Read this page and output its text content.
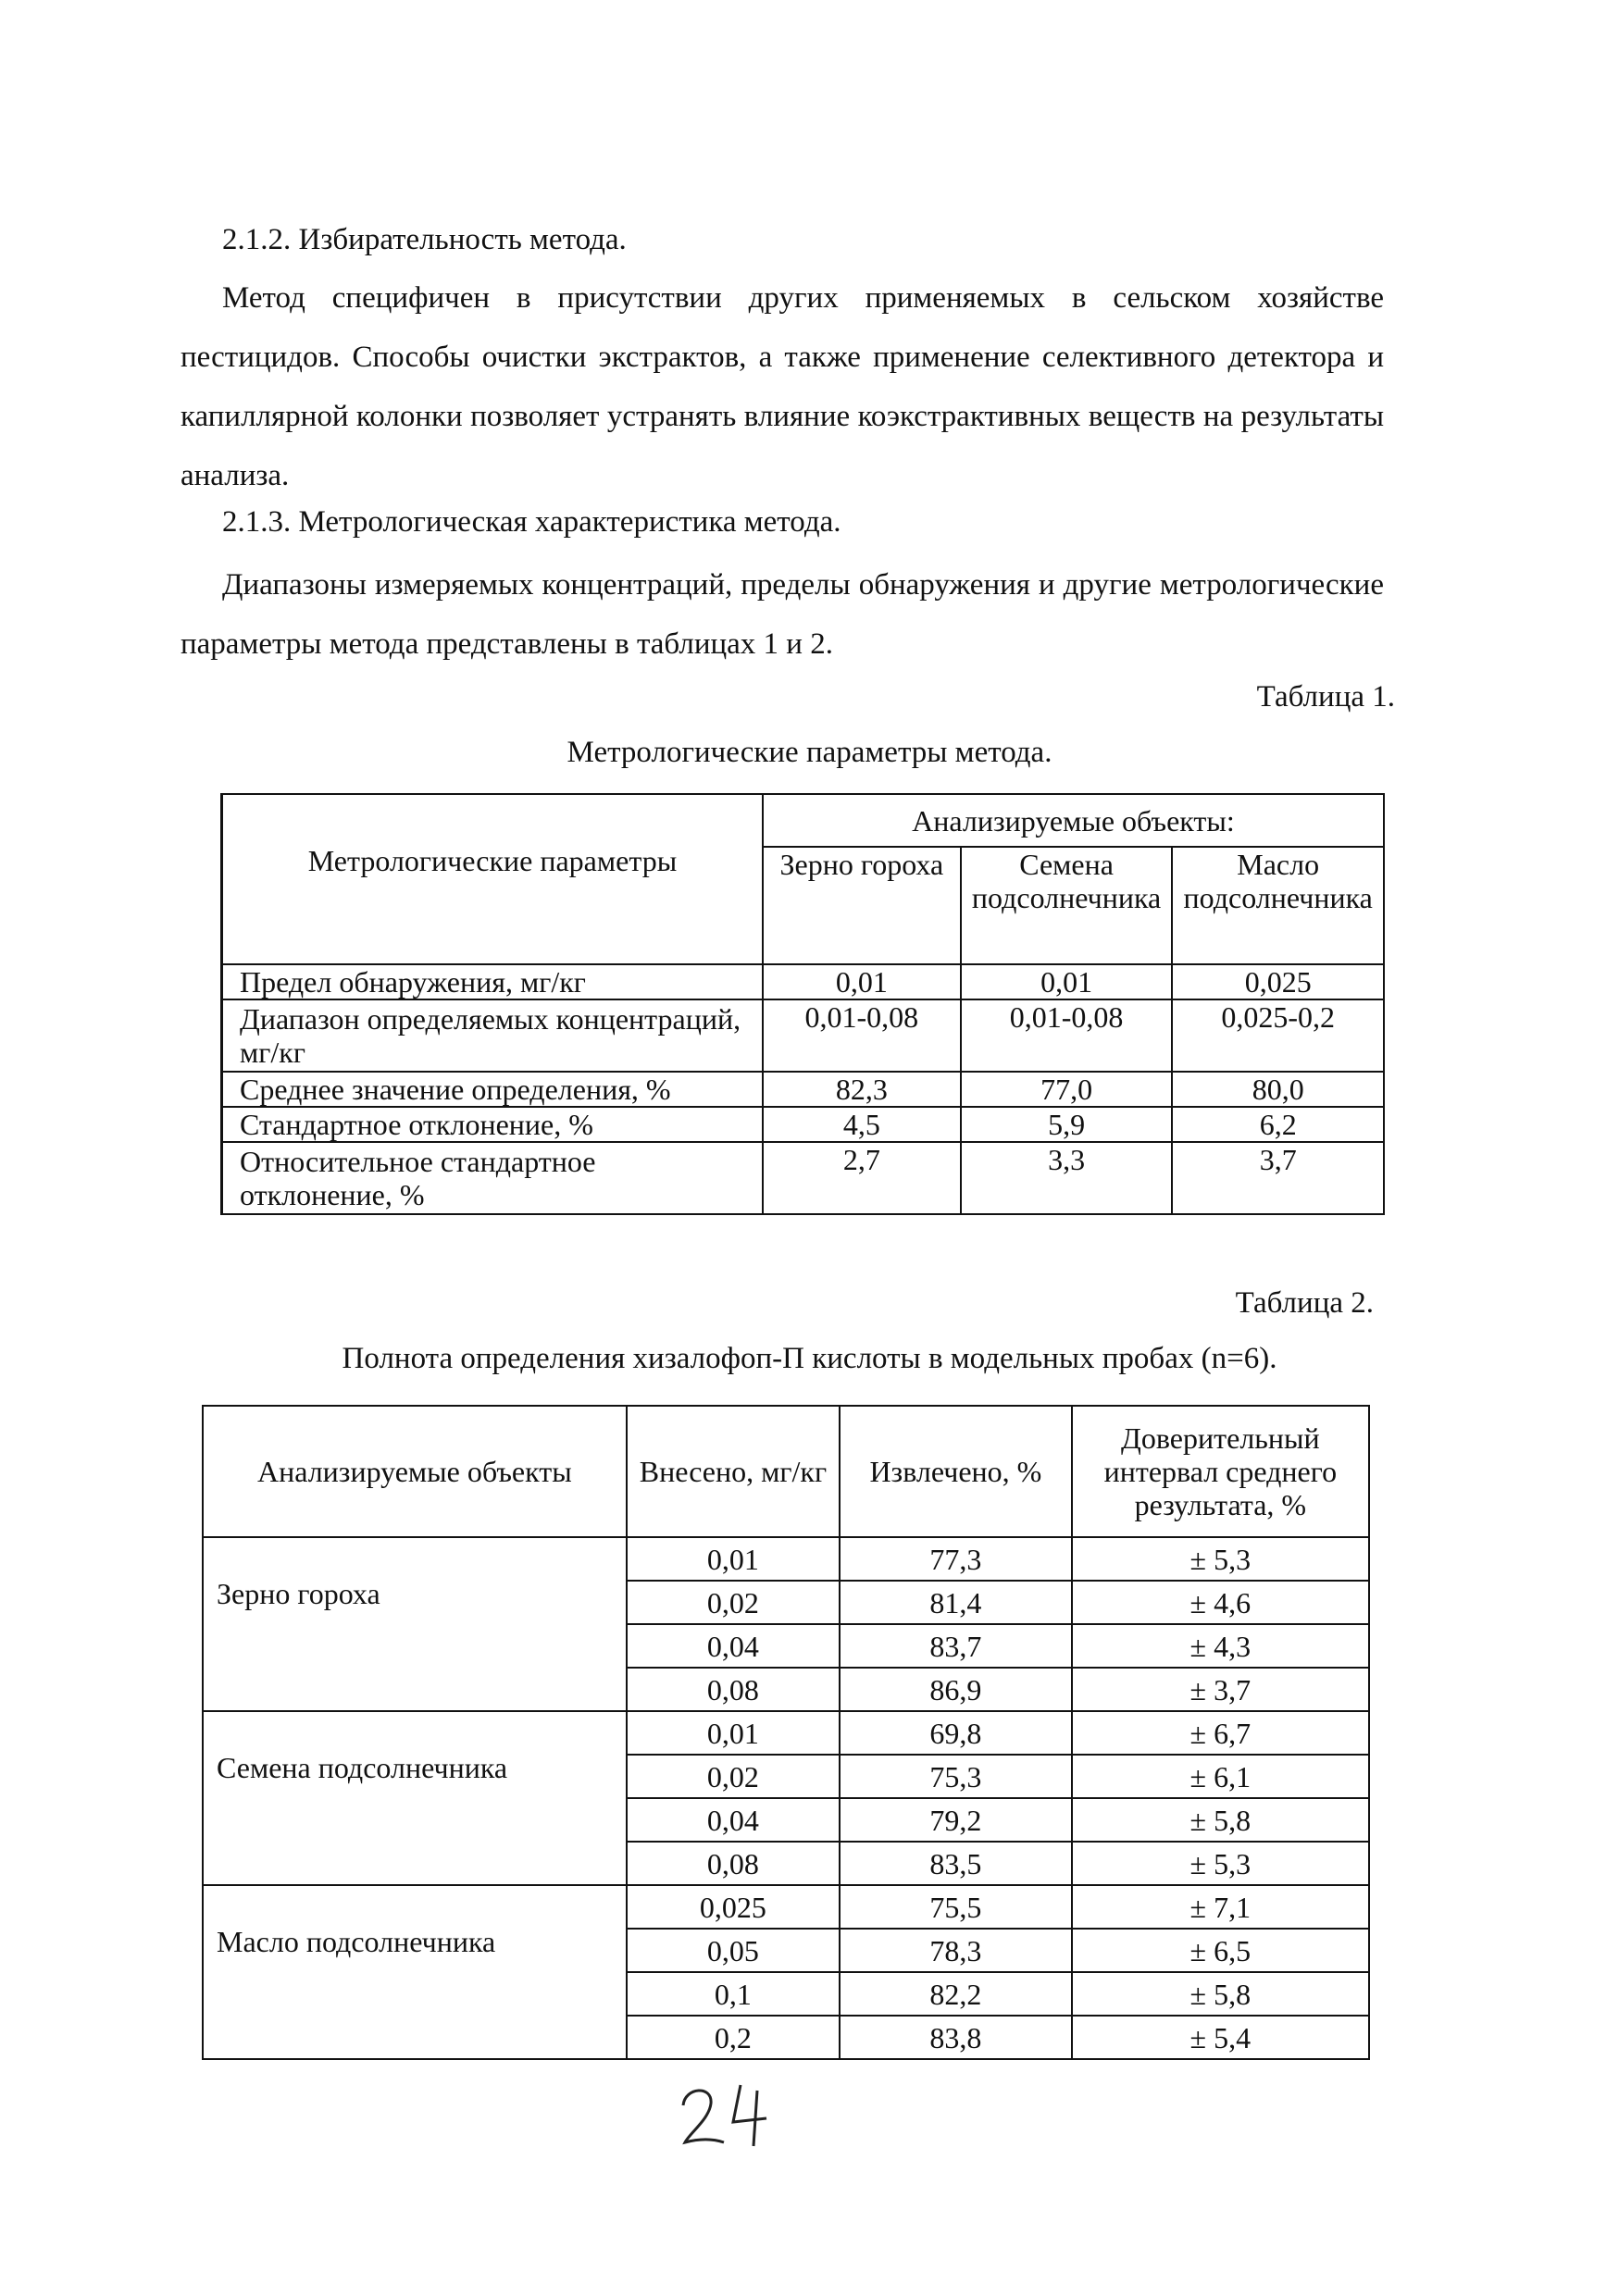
2.1.2. Избирательность метода.

Метод специфичен в присутствии других применяемых в сельском хозяйстве пестицидов. Способы очистки экстрактов, а также применение селективного детектора и капиллярной колонки позволяет устранять влияние коэкстрактивных веществ на результаты анализа.

2.1.3. Метрологическая характеристика метода.

Диапазоны измеряемых концентраций, пределы обнаружения и другие метрологические параметры метода представлены в таблицах 1 и 2.

Таблица 1.
Метрологические параметры метода.
Метрологические параметры	Анализируемые объекты:		
	Зерно гороха	Семена подсолнечника	Масло подсолнечника
Предел обнаружения, мг/кг	0,01	0,01	0,025
Диапазон определяемых концентраций, мг/кг	0,01-0,08	0,01-0,08	0,025-0,2
Среднее значение определения, %	82,3	77,0	80,0
Стандартное отклонение, %	4,5	5,9	6,2
Относительное стандартное отклонение, %	2,7	3,3	3,7
Таблица 2.
Полнота определения хизалофоп-П кислоты в модельных пробах (n=6).
Анализируемые объекты	Внесено, мг/кг	Извлечено, %	Доверительный интервал среднего результата, %
Зерно гороха	0,01	77,3	± 5,3
	0,02	81,4	± 4,6
	0,04	83,7	± 4,3
	0,08	86,9	± 3,7
Семена подсолнечника	0,01	69,8	± 6,7
	0,02	75,3	± 6,1
	0,04	79,2	± 5,8
	0,08	83,5	± 5,3
Масло подсолнечника	0,025	75,5	± 7,1
	0,05	78,3	± 6,5
	0,1	82,2	± 5,8
	0,2	83,8	± 5,4
